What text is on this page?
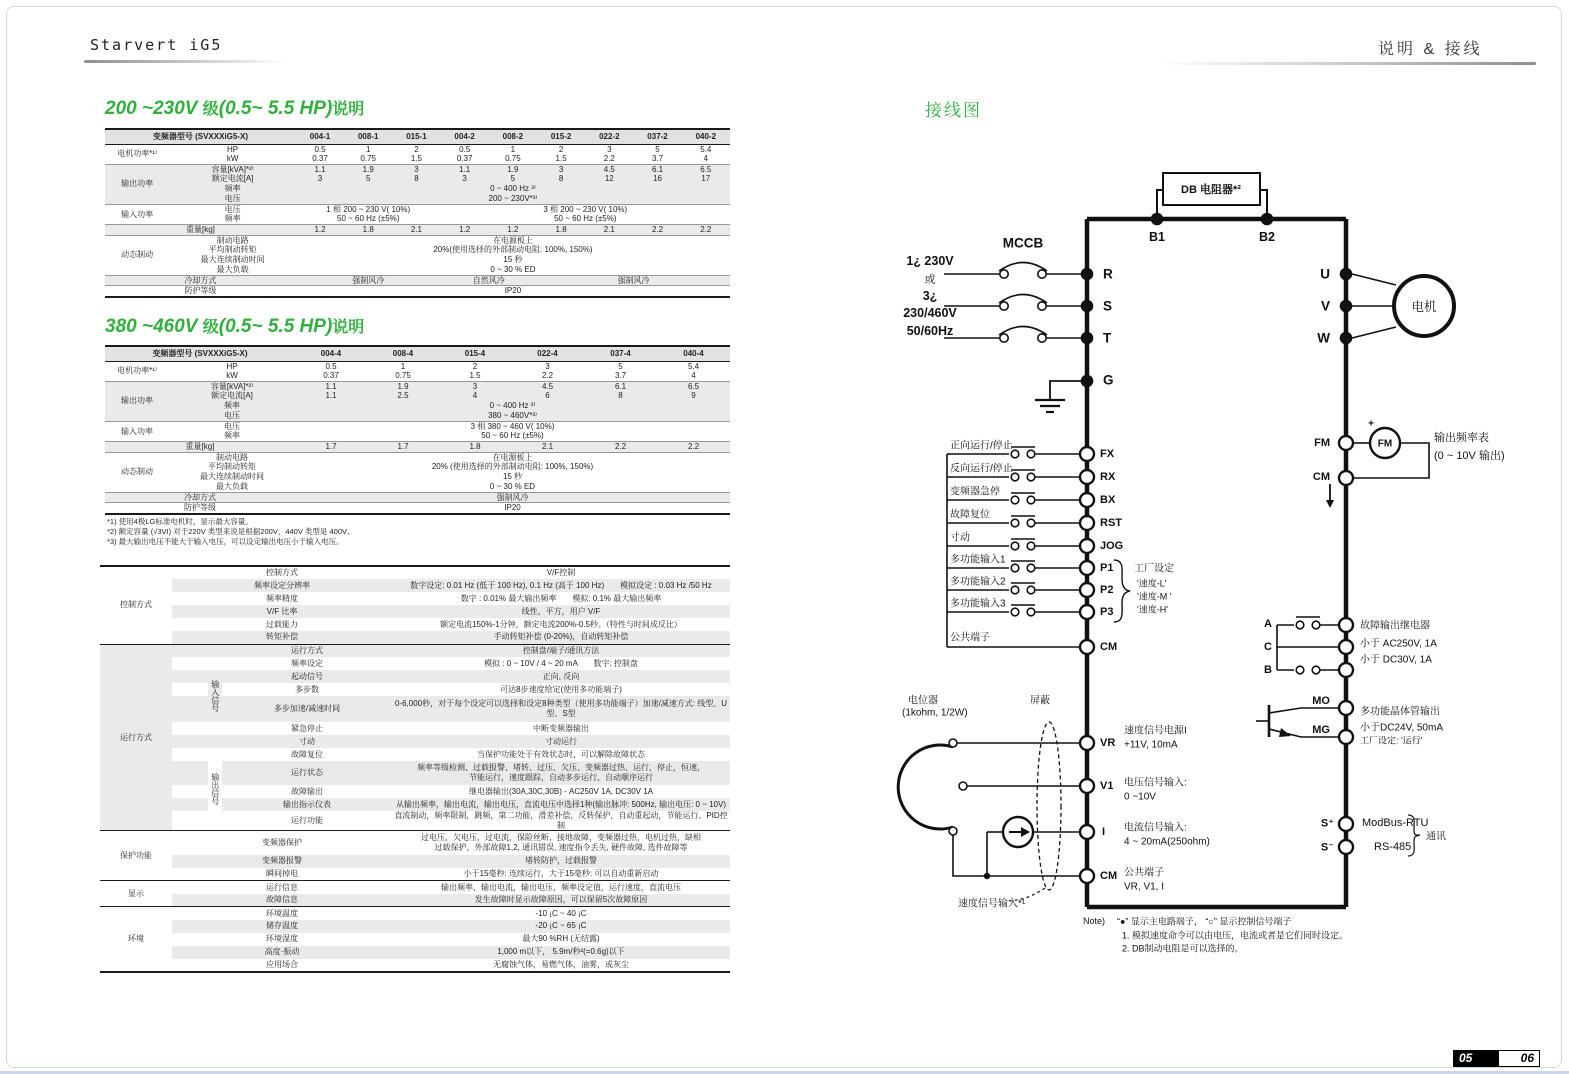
Starvert iG5	说明 & 接线
200 ~230V 级(0.5~ 5.5 HP)说明
380 ~460V 级(0.5~ 5.5 HP)说明
接线图
变频器型号 (SVXXXiG5-X)		004-1	008-1	015-1	004-2	008-2	015-2	022-2	037-2	040-2
电机功率*¹⁾	HP	0.5	1	2	0.5	1	2	3	5	5.4
	kW	0.37	0.75	1.5	0.37	0.75	1.5	2.2	3.7	4
输出功率	容量[kVA]*²⁾	1.1	1.9	3	1.1	1.9	3	4.5	6.1	6.5
	额定电流[A]	3	5	8	3	5	8	12	16	17
	频率	0 ~ 400 Hz ³⁾								
	电压	200 ~ 230V*³⁾								
输入功率	电压	1 相 200 ~ 230 V( 10%)			3 相 200 ~ 230 V( 10%)					
	频率	50 ~ 60 Hz (±5%)			50 ~ 60 Hz (±5%)					
重量[kg]		1.2	1.8	2.1	1.2	1.2	1.8	2.1	2.2	2.2
动态制动	制动电路	在电源板上								
	平均制动转矩	20%(使用选择的外部制动电阻: 100%, 150%)								
	最大连续制动时间	15 秒								
	最大负载	0 ~ 30 % ED								
冷却方式		强制风冷			自然风冷		强制风冷			
防护等级		IP20								
变频器型号 (SVXXXiG5-X)		004-4	008-4	015-4	022-4	037-4	040-4
电机功率*¹⁾	HP	0.5	1	2	3	5	5.4
	kW	0.37	0.75	1.5	2.2	3.7	4
输出功率	容量[kVA]*²⁾	1.1	1.9	3	4.5	6.1	6.5
	额定电流[A]	1.1	2.5	4	6	8	9
	频率	0 ~ 400 Hz ³⁾					
	电压	380 ~ 460V*³⁾					
输入功率	电压	3 相 380 ~ 460 V( 10%)					
	频率	50 ~ 60 Hz (±5%)					
重量[kg]		1.7	1.7	1.8	2.1	2.2	2.2
动态制动	制动电路	在电源板上					
	平均制动转矩	20% (使用选择的外部制动电阻: 100%, 150%)					
	最大连续制动时间	15 秒					
	最大负载	0 ~ 30 % ED					
冷却方式		强制风冷					
防护等级		IP20					
*1) 使用4极LG标准电机时，显示最大容量。
*2) 额定容量 (√3VI) 对于220V 类型来说是根据200V，440V 类型是 400V。
*3) 最大输出电压不能大于输入电压，可以设定输出电压小于输入电压。
控制方式	控制方式			V/F控制
	频率设定分辨率			数字设定: 0.01 Hz (低于 100 Hz), 0.1 Hz (高于 100 Hz)　　模拟设定 : 0.03 Hz /50 Hz
	频率精度			数字 : 0.01% 最大输出频率　　模拟: 0.1% 最大输出频率
	V/F 比率			线性，平方，用户 V/F
	过载能力			额定电流150%-1分钟，额定电流200%-0.5秒。（特性与时间成反比）
	转矩补偿			手动转矩补偿 (0-20%)，自动转矩补偿
运行方式			运行方式	控制盘/端子/通讯方法
			频率设定	模拟 : 0 ~ 10V / 4 ~ 20 mA　　数字: 控制盘
		输入信号	起动信号	正向, 反向
			多步数	可达8步速度给定(使用多功能端子)
			多步加速/减速时间	0-6,000秒，对于每个设定可以选择和设定8种类型（使用多功能端子）加速/减速方式: 线型、U型、S型
			紧急停止	中断变频器输出
			寸动	寸动运行
		输出信号	故障复位	当保护功能处于有效状态时，可以解除故障状态
			运行状态	频率等级检测、过载报警、堵转、过压、欠压、变频器过热、运行，停止，恒速，
节能运行，速度跟踪，自动多步运行、自动顺序运行
			故障输出	继电器输出(30A,30C,30B) - AC250V 1A, DC30V 1A
			输出指示仪表	从输出频率，输出电流，输出电压，直流电压中选择1种(输出脉冲: 500Hz, 输出电压: 0 ~ 10V)
			运行功能	直流制动，频率限制，跳频，第二功能，滑差补偿，反转保护，自动重起动，节能运行、PID控制
保护功能	变频器保护			过电压，欠电压，过电流，保险丝断，接地故障，变频器过热，电机过热，缺相
过载保护，外部故障1,2, 通讯错误, 速度指令丢失, 硬件故障, 选件故障等
	变频器报警			堵转防护，过载报警
	瞬间掉电			小于15毫秒: 连续运行，大于15毫秒: 可以自动重新启动
显示	运行信息			输出频率，输出电流，输出电压，频率设定值，运行速度，直流电压
	故障信息			发生故障时显示故障原因，可以保留5次故障原因
环境	环境温度			-10 ¡C ~ 40 ¡C
	储存温度			-20 ¡C ~ 65 ¡C
	环境湿度			最大90 %RH (无结露)
	高度·振动			1,000 m以下， 5.9m/秒²(=0.6g)以下
	应用场合			无腐蚀气体，易燃气体，油雾，或灰尘
DB 电阻器*²
B1	B2
MCCB
1¿ 230V
或
3¿
230/460V
50/60Hz
R
S
T
G
U
V
W
电机
正向运行/停止
反向运行/停止
变频器急停
故障复位
寸动
多功能输入1
多功能输入2
多功能输入3
公共端子
FX
RX
BX
RST
JOG
P1
P2
P3
CM
工厂设定
'速度-L'
'速度-M '
'速度-H'
FM	FM
+
输出频率表
(0 ~ 10V 输出)
CM
A
C
B
故障输出继电器
小于 AC250V, 1A
小于 DC30V, 1A
MO
MG
多功能晶体管输出
小于DC24V, 50mA
工厂设定: '运行'
S⁺
S⁻
ModBus-RTU
RS-485
通讯
电位器
(1kohm, 1/2W)
屏蔽
VR
V1
I
CM
速度信号电源I
+11V, 10mA
电压信号输入:
0 ~10V
电流信号输入:
4 ~ 20mA(250ohm)
公共端子
VR, V1, I
速度信号输入*¹
Note) “●” 显示主电路端子， “○” 显示控制信号端子
1. 模拟速度命令可以由电压，电流或者是它们同时设定。
2. DB制动电阻是可以选择的。
05	06
